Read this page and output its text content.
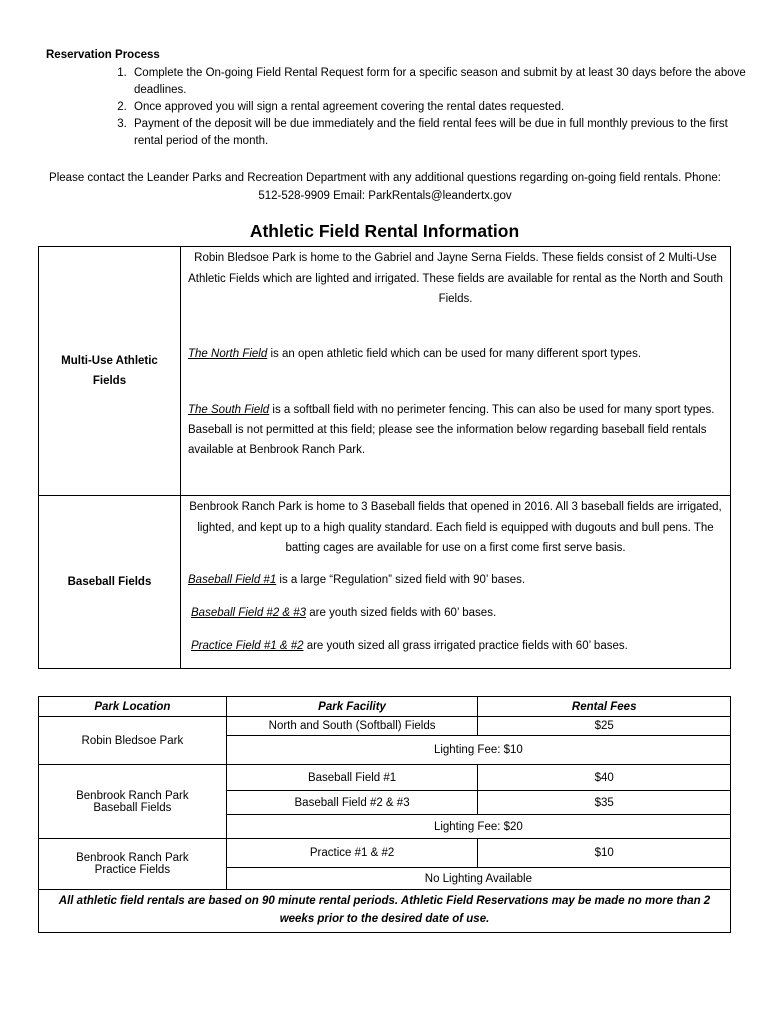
Reservation Process
1. Complete the On-going Field Rental Request form for a specific season and submit by at least 30 days before the above deadlines.
2. Once approved you will sign a rental agreement covering the rental dates requested.
3. Payment of the deposit will be due immediately and the field rental fees will be due in full monthly previous to the first rental period of the month.
Please contact the Leander Parks and Recreation Department with any additional questions regarding on-going field rentals. Phone: 512-528-9909 Email: ParkRentals@leandertx.gov
Athletic Field Rental Information
Multi-Use Athletic Fields	Robin Bledsoe Park is home to the Gabriel and Jayne Serna Fields. These fields consist of 2 Multi-Use Athletic Fields which are lighted and irrigated. These fields are available for rental as the North and South Fields.
The North Field is an open athletic field which can be used for many different sport types.
The South Field is a softball field with no perimeter fencing. This can also be used for many sport types. Baseball is not permitted at this field; please see the information below regarding baseball field rentals available at Benbrook Ranch Park.

Baseball Fields	Benbrook Ranch Park is home to 3 Baseball fields that opened in 2016. All 3 baseball fields are irrigated, lighted, and kept up to a high quality standard. Each field is equipped with dugouts and bull pens. The batting cages are available for use on a first come first serve basis.
Baseball Field #1 is a large “Regulation” sized field with 90’ bases.
Baseball Field #2 & #3 are youth sized fields with 60’ bases.
Practice Field #1 & #2 are youth sized all grass irrigated practice fields with 60’ bases.
Park Location	Park Facility	Rental Fees
Robin Bledsoe Park	North and South (Softball) Fields	$25
	Lighting Fee: $10	

Benbrook Ranch Park
Baseball Fields	Baseball Field #1	$40
	Baseball Field #2 & #3	$35
	Lighting Fee: $20	

Benbrook Ranch Park
Practice Fields	Practice #1 & #2	$10
	No Lighting Available	
All athletic field rentals are based on 90 minute rental periods. Athletic Field Reservations may be made no more than 2 weeks prior to the desired date of use.		
